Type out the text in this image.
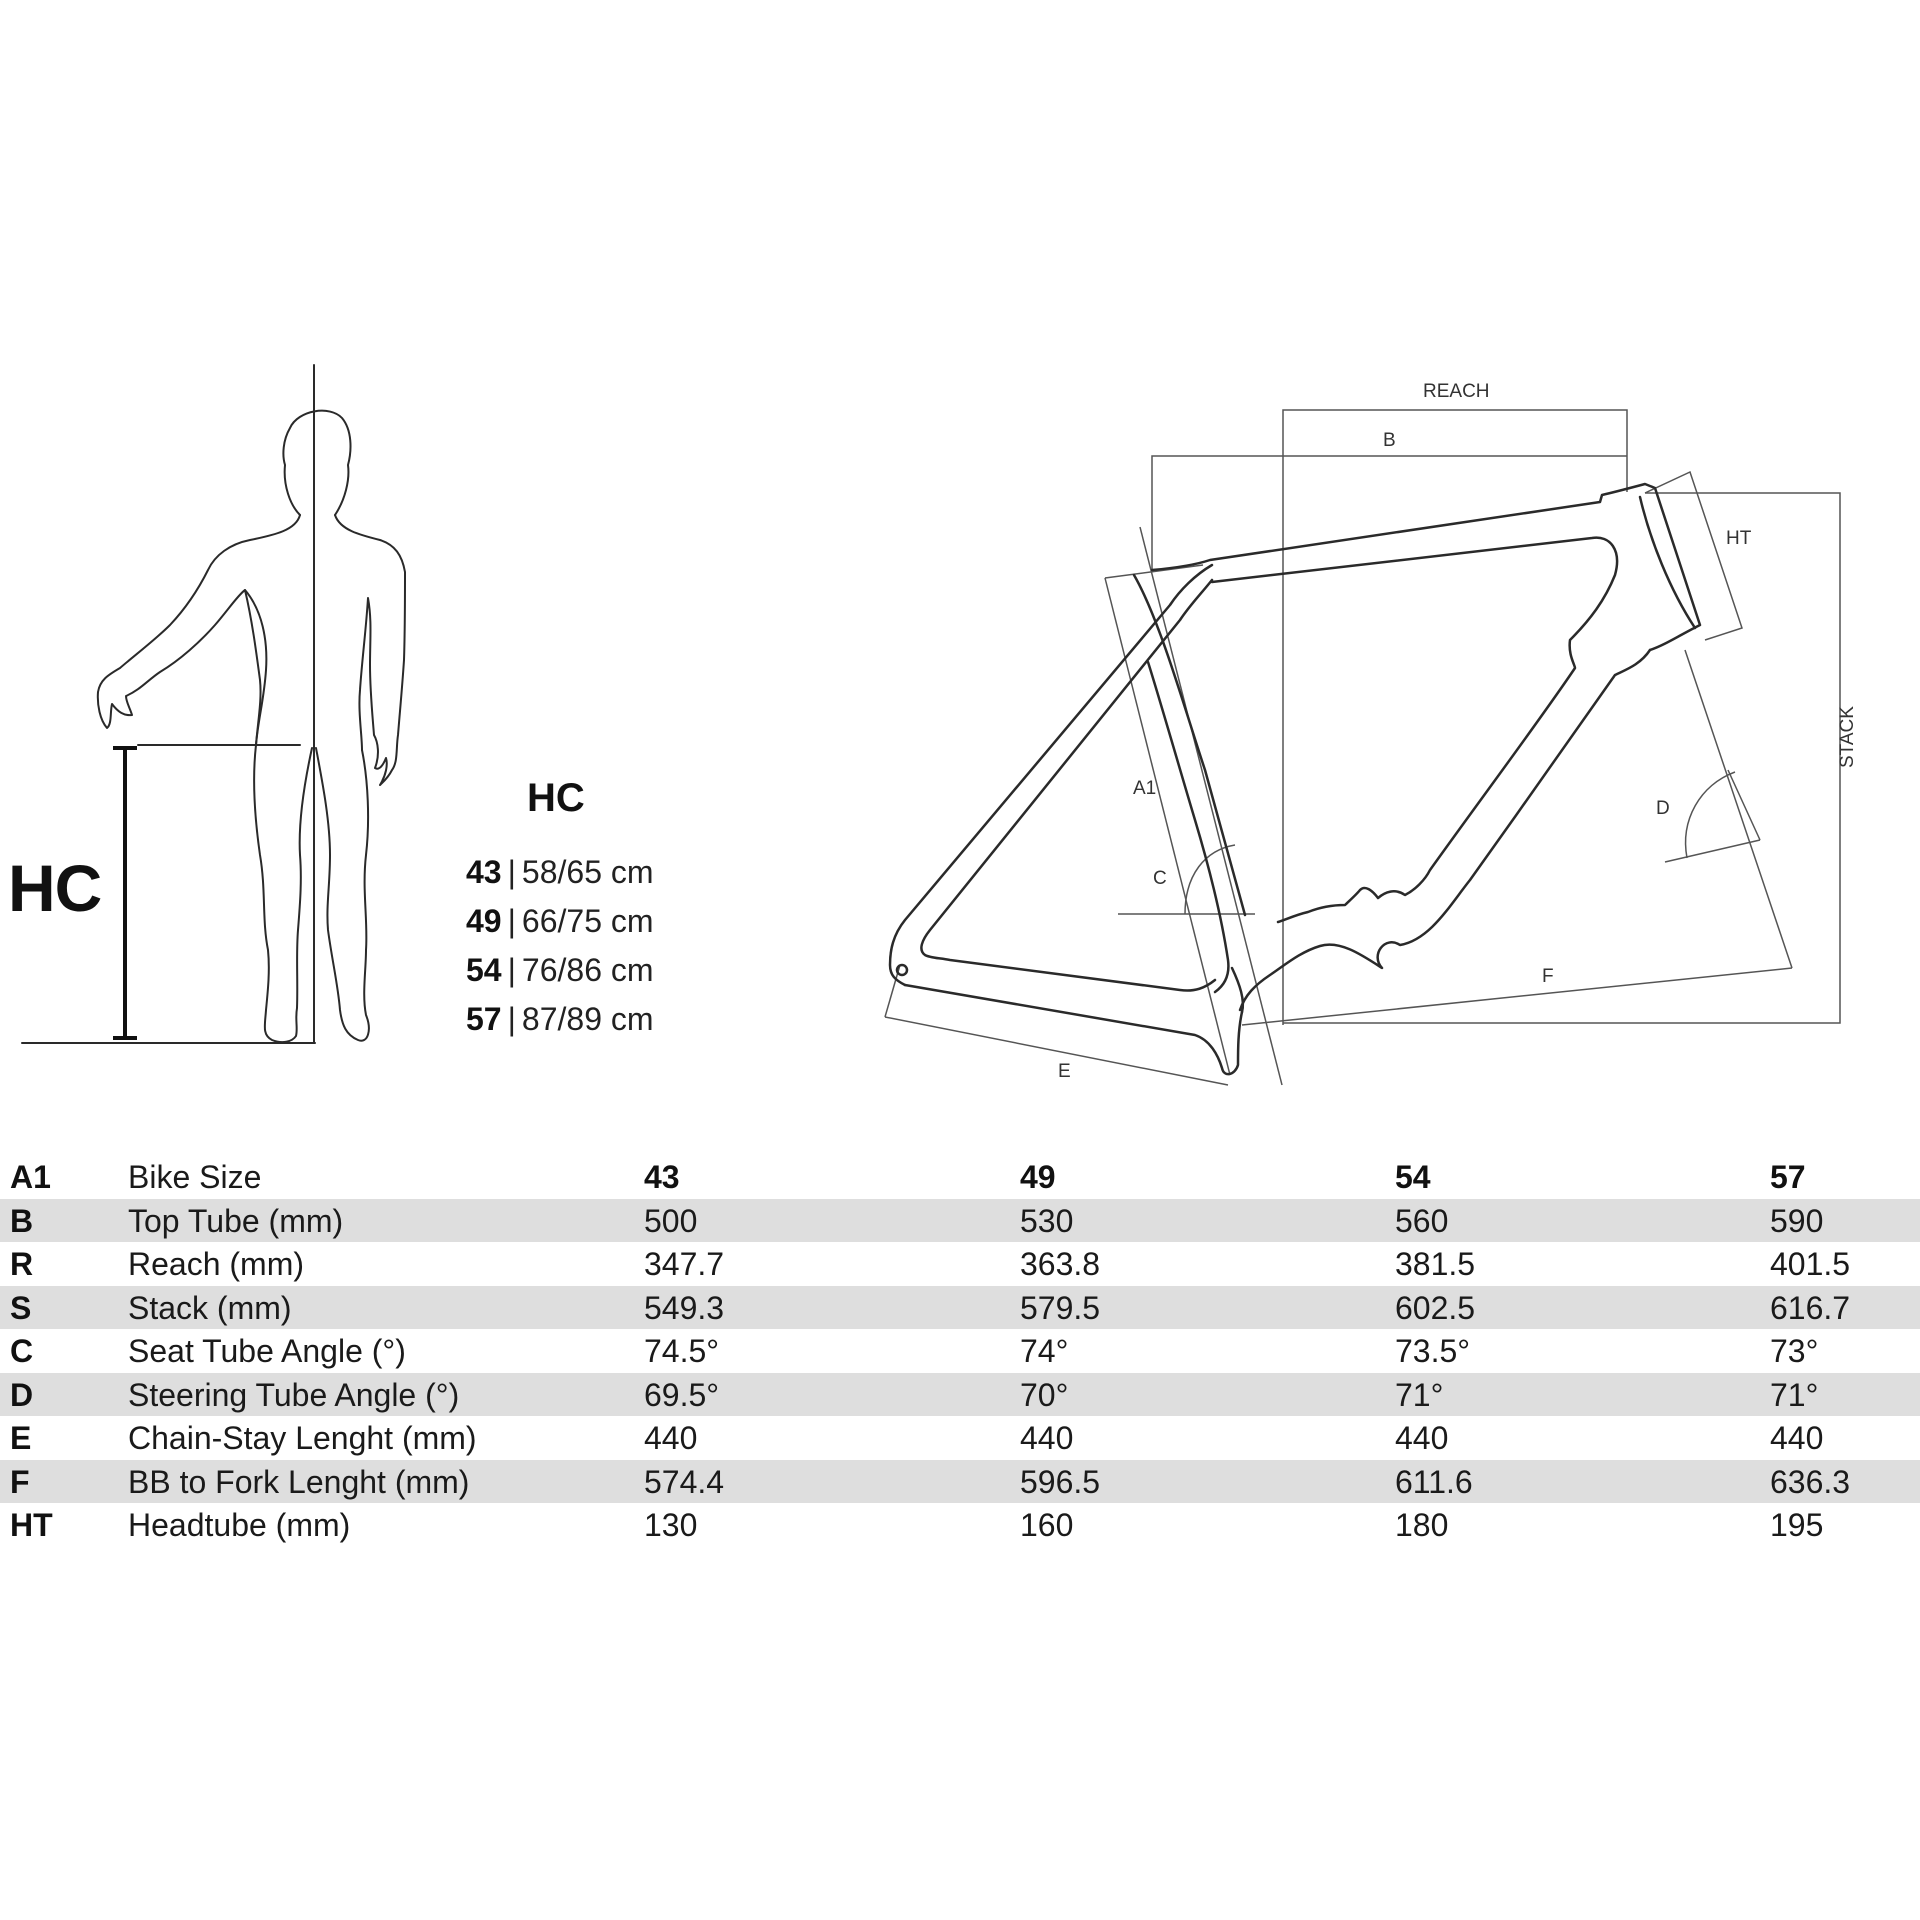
HC
HC
43 | 58/65 cm
49 | 66/75 cm
54 | 76/86 cm
57 | 87/89 cm
REACH
B
HT
A1
C
D
STACK
E
F
A1 Bike Size	43	49	54	57
B	Top Tube (mm)	500	530	560	590
R	Reach (mm)	347.7	363.8	381.5	401.5
S	Stack (mm)	549.3	579.5	602.5	616.7
C	Seat Tube Angle (°)	74.5°	74°	73.5°	73°
D	Steering Tube Angle (°)	69.5°	70°	71°	71°
E	Chain-Stay Lenght (mm)	440	440	440	440
F	BB to Fork Lenght (mm)	574.4	596.5	611.6	636.3
HT Headtube (mm)	130	160	180	195
